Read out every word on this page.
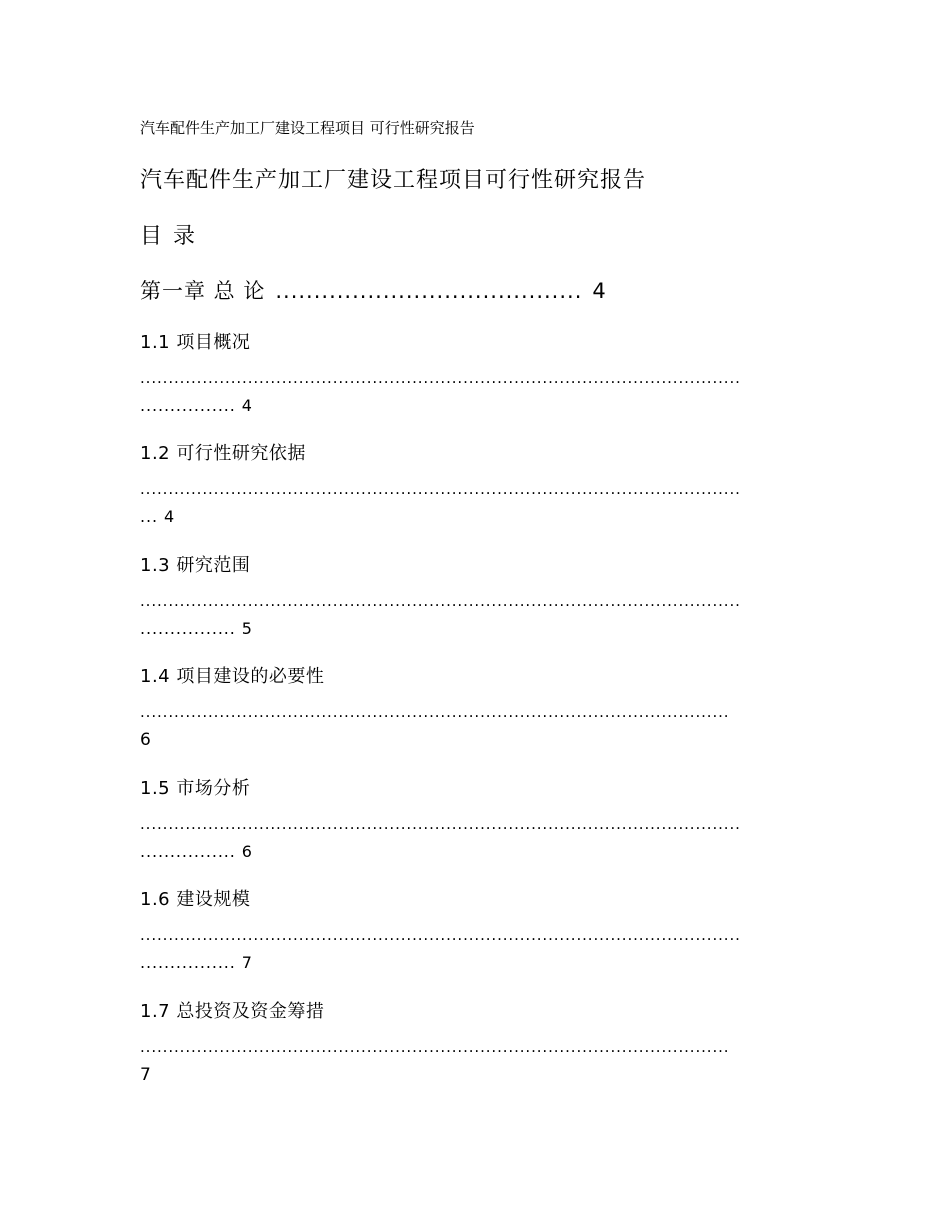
汽车配件生产加工厂建设工程项目 可行性研究报告
汽车配件生产加工厂建设工程项目可行性研究报告
目 录
第一章 总 论 ........................................ 4
1.1 项目概况
..........................................................................................................
................ 4
1.2 可行性研究依据
..........................................................................................................
... 4
1.3 研究范围
..........................................................................................................
................ 5
1.4 项目建设的必要性
........................................................................................................
6
1.5 市场分析
..........................................................................................................
................ 6
1.6 建设规模
..........................................................................................................
................ 7
1.7 总投资及资金筹措
........................................................................................................
7
